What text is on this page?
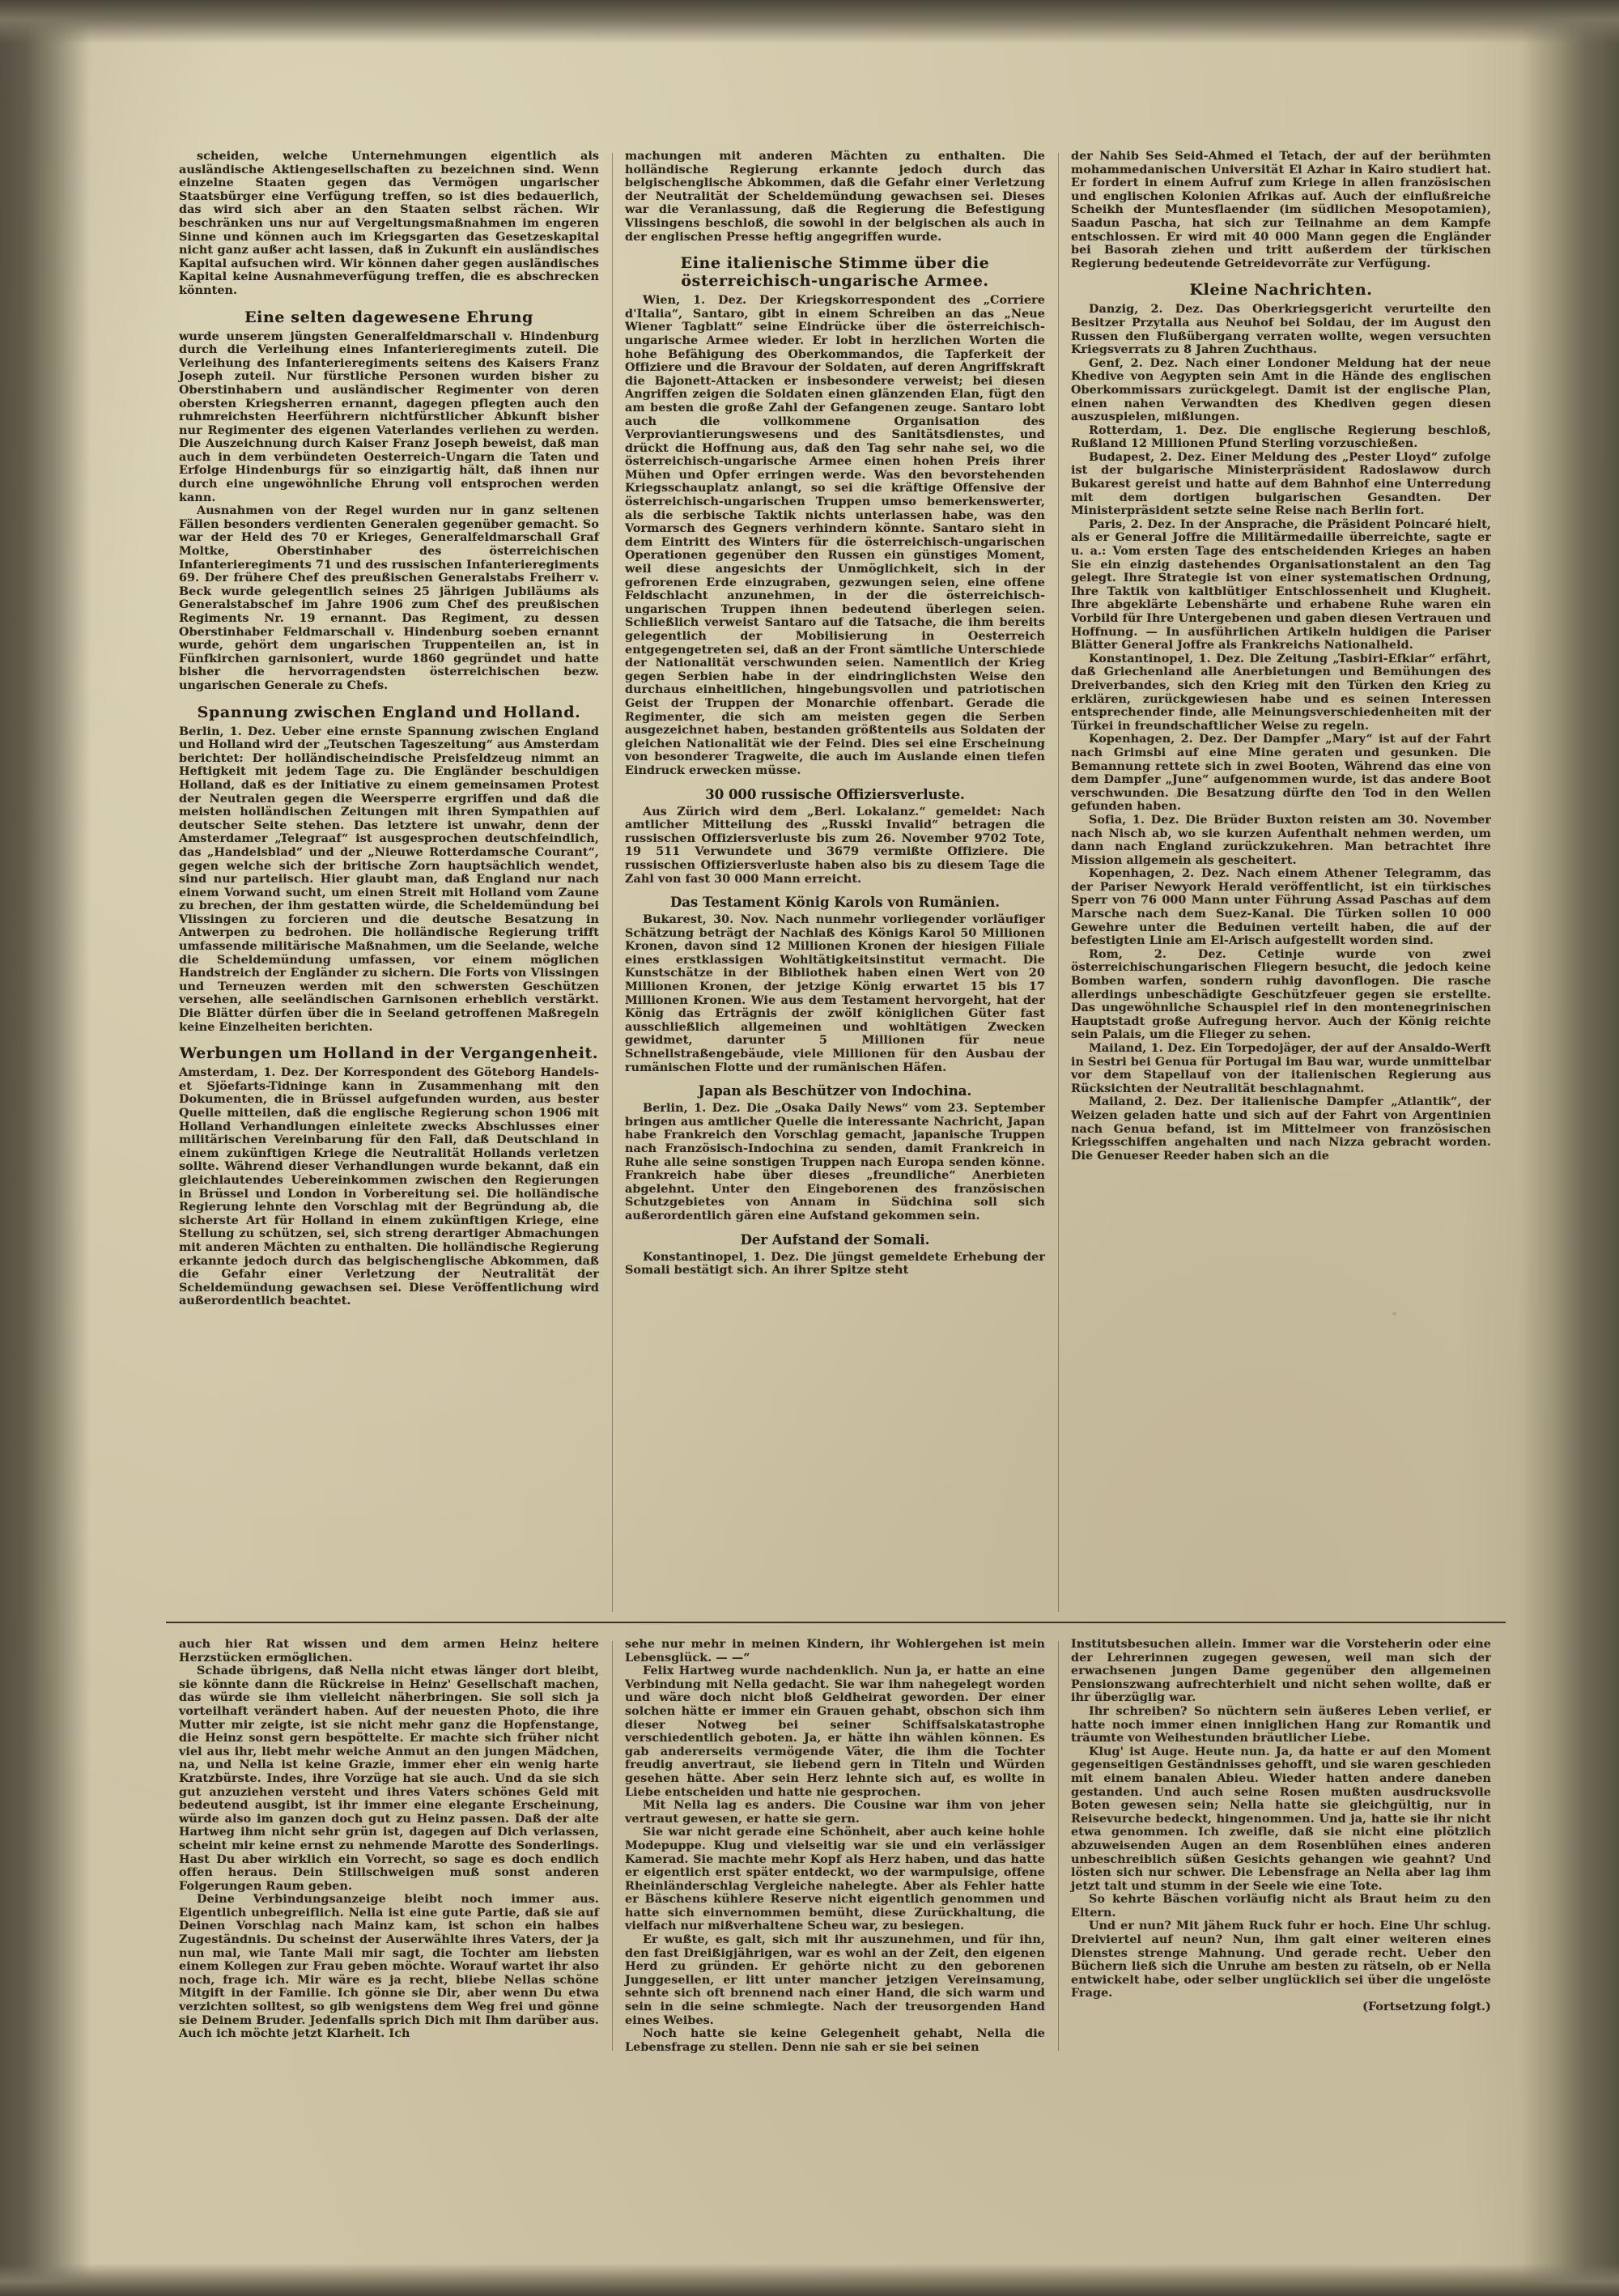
scheiden, welche Unternehmungen eigentlich als ausländische Aktiengesellschaften zu bezeichnen sind. Wenn einzelne Staaten gegen das Vermögen ungarischer Staatsbürger eine Verfügung treffen, so ist dies bedauerlich, das wird sich aber an den Staaten selbst rächen. Wir beschränken uns nur auf Vergeltungsmaßnahmen im engeren Sinne und können auch im Kriegsgarten das Gesetzeskapital nicht ganz außer acht lassen, daß in Zukunft ein ausländisches Kapital aufsuchen wird. Wir können daher gegen ausländisches Kapital keine Ausnahmeverfügung treffen, die es abschrecken könnten.

Eine selten dagewesene Ehrung

wurde unserem jüngsten Generalfeldmarschall v. Hindenburg durch die Verleihung eines Infanterieregiments zuteil. Die Verleihung des Infanterieregiments seitens des Kaisers Franz Joseph zuteil. Nur fürstliche Personen wurden bisher zu Oberstinhabern und ausländischer Regimenter von deren obersten Kriegsherren ernannt, dagegen pflegten auch den ruhmreichsten Heerführern nichtfürstlicher Abkunft bisher nur Regimenter des eigenen Vaterlandes verliehen zu werden. Die Auszeichnung durch Kaiser Franz Joseph beweist, daß man auch in dem verbündeten Oesterreich-Ungarn die Taten und Erfolge Hindenburgs für so einzigartig hält, daß ihnen nur durch eine ungewöhnliche Ehrung voll entsprochen werden kann.

Ausnahmen von der Regel wurden nur in ganz seltenen Fällen besonders verdienten Generalen gegenüber gemacht. So war der Held des 70 er Krieges, Generalfeldmarschall Graf Moltke, Oberstinhaber des österreichischen Infanterieregiments 71 und des russischen Infanterieregiments 69. Der frühere Chef des preußischen Generalstabs Freiherr v. Beck wurde gelegentlich seines 25 jährigen Jubiläums als Generalstabschef im Jahre 1906 zum Chef des preußischen Regiments Nr. 19 ernannt. Das Regiment, zu dessen Oberstinhaber Feldmarschall v. Hindenburg soeben ernannt wurde, gehört dem ungarischen Truppenteilen an, ist in Fünfkirchen garnisoniert, wurde 1860 gegründet und hatte bisher die hervorragendsten österreichischen bezw. ungarischen Generale zu Chefs.

Spannung zwischen England und Holland.

Berlin, 1. Dez. Ueber eine ernste Spannung zwischen England und Holland wird der „Teutschen Tageszeitung“ aus Amsterdam berichtet: Der holländischeindische Preisfeldzeug nimmt an Heftigkeit mit jedem Tage zu. Die Engländer beschuldigen Holland, daß es der Initiative zu einem gemeinsamen Protest der Neutralen gegen die Weersperre ergriffen und daß die meisten holländischen Zeitungen mit ihren Sympathien auf deutscher Seite stehen. Das letztere ist unwahr, denn der Amsterdamer „Telegraaf“ ist ausgesprochen deutschfeindlich, das „Handelsblad“ und der „Nieuwe Rotterdamsche Courant“, gegen welche sich der britische Zorn hauptsächlich wendet, sind nur parteiisch. Hier glaubt man, daß England nur nach einem Vorwand sucht, um einen Streit mit Holland vom Zaune zu brechen, der ihm gestatten würde, die Scheldemündung bei Vlissingen zu forcieren und die deutsche Besatzung in Antwerpen zu bedrohen. Die holländische Regierung trifft umfassende militärische Maßnahmen, um die Seelande, welche die Scheldemündung umfassen, vor einem möglichen Handstreich der Engländer zu sichern. Die Forts von Vlissingen und Terneuzen werden mit den schwersten Geschützen versehen, alle seeländischen Garnisonen erheblich verstärkt. Die Blätter dürfen über die in Seeland getroffenen Maßregeln keine Einzelheiten berichten.

Werbungen um Holland in der Vergangenheit.

Amsterdam, 1. Dez. Der Korrespondent des Göteborg Handels- et Sjöefarts-Tidninge kann in Zusammenhang mit den Dokumenten, die in Brüssel aufgefunden wurden, aus bester Quelle mitteilen, daß die englische Regierung schon 1906 mit Holland Verhandlungen einleitete zwecks Abschlusses einer militärischen Vereinbarung für den Fall, daß Deutschland in einem zukünftigen Kriege die Neutralität Hollands verletzen sollte. Während dieser Verhandlungen wurde bekannt, daß ein gleichlautendes Uebereinkommen zwischen den Regierungen in Brüssel und London in Vorbereitung sei. Die holländische Regierung lehnte den Vorschlag mit der Begründung ab, die sicherste Art für Holland in einem zukünftigen Kriege, eine Stellung zu schützen, sei, sich streng derartiger Abmachungen mit anderen Mächten zu enthalten. Die holländische Regierung erkannte jedoch durch das belgischenglische Abkommen, daß die Gefahr einer Verletzung der Neutralität der Scheldemündung gewachsen sei. Diese Veröffentlichung wird außerordentlich beachtet.

machungen mit anderen Mächten zu enthalten. Die holländische Regierung erkannte jedoch durch das belgischenglische Abkommen, daß die Gefahr einer Verletzung der Neutralität der Scheldemündung gewachsen sei. Dieses war die Veranlassung, daß die Regierung die Befestigung Vlissingens beschloß, die sowohl in der belgischen als auch in der englischen Presse heftig angegriffen wurde.

Eine italienische Stimme über die österreichisch-ungarische Armee.

Wien, 1. Dez. Der Kriegskorrespondent des „Corriere d'Italia“, Santaro, gibt in einem Schreiben an das „Neue Wiener Tagblatt“ seine Eindrücke über die österreichisch-ungarische Armee wieder. Er lobt in herzlichen Worten die hohe Befähigung des Oberkommandos, die Tapferkeit der Offiziere und die Bravour der Soldaten, auf deren Angriffskraft die Bajonett-Attacken er insbesondere verweist; bei diesen Angriffen zeigen die Soldaten einen glänzenden Elan, fügt den am besten die große Zahl der Gefangenen zeuge. Santaro lobt auch die vollkommene Organisation des Verproviantierungswesens und des Sanitätsdienstes, und drückt die Hoffnung aus, daß den Tag sehr nahe sei, wo die österreichisch-ungarische Armee einen hohen Preis ihrer Mühen und Opfer erringen werde. Was den bevorstehenden Kriegsschauplatz anlangt, so sei die kräftige Offensive der österreichisch-ungarischen Truppen umso bemerkenswerter, als die serbische Taktik nichts unterlassen habe, was den Vormarsch des Gegners verhindern könnte. Santaro sieht in dem Eintritt des Winters für die österreichisch-ungarischen Operationen gegenüber den Russen ein günstiges Moment, weil diese angesichts der Unmöglichkeit, sich in der gefrorenen Erde einzugraben, gezwungen seien, eine offene Feldschlacht anzunehmen, in der die österreichisch-ungarischen Truppen ihnen bedeutend überlegen seien. Schließlich verweist Santaro auf die Tatsache, die ihm bereits gelegentlich der Mobilisierung in Oesterreich entgegengetreten sei, daß an der Front sämtliche Unterschiede der Nationalität verschwunden seien. Namentlich der Krieg gegen Serbien habe in der eindringlichsten Weise den durchaus einheitlichen, hingebungsvollen und patriotischen Geist der Truppen der Monarchie offenbart. Gerade die Regimenter, die sich am meisten gegen die Serben ausgezeichnet haben, bestanden größtenteils aus Soldaten der gleichen Nationalität wie der Feind. Dies sei eine Erscheinung von besonderer Tragweite, die auch im Auslande einen tiefen Eindruck erwecken müsse.

30 000 russische Offiziersverluste.

Aus Zürich wird dem „Berl. Lokalanz.“ gemeldet: Nach amtlicher Mitteilung des „Russki Invalid“ betragen die russischen Offiziersverluste bis zum 26. November 9702 Tote, 19 511 Verwundete und 3679 vermißte Offiziere. Die russischen Offiziersverluste haben also bis zu diesem Tage die Zahl von fast 30 000 Mann erreicht.

Das Testament König Karols von Rumänien.

Bukarest, 30. Nov. Nach nunmehr vorliegender vorläufiger Schätzung beträgt der Nachlaß des Königs Karol 50 Millionen Kronen, davon sind 12 Millionen Kronen der hiesigen Filiale eines erstklassigen Wohltätigkeitsinstitut vermacht. Die Kunstschätze in der Bibliothek haben einen Wert von 20 Millionen Kronen, der jetzige König erwartet 15 bis 17 Millionen Kronen. Wie aus dem Testament hervorgeht, hat der König das Erträgnis der zwölf königlichen Güter fast ausschließlich allgemeinen und wohltätigen Zwecken gewidmet, darunter 5 Millionen für neue Schnellstraßengebäude, viele Millionen für den Ausbau der rumänischen Flotte und der rumänischen Häfen.

Japan als Beschützer von Indochina.

Berlin, 1. Dez. Die „Osaka Daily News“ vom 23. September bringen aus amtlicher Quelle die interessante Nachricht, Japan habe Frankreich den Vorschlag gemacht, japanische Truppen nach Französisch-Indochina zu senden, damit Frankreich in Ruhe alle seine sonstigen Truppen nach Europa senden könne. Frankreich habe über dieses „freundliche“ Anerbieten abgelehnt. Unter den Eingeborenen des französischen Schutzgebietes von Annam in Südchina soll sich außerordentlich gären eine Aufstand gekommen sein.

Der Aufstand der Somali.

Konstantinopel, 1. Dez. Die jüngst gemeldete Erhebung der Somali bestätigt sich. An ihrer Spitze steht

der Nahib Ses Seid-Ahmed el Tetach, der auf der berühmten mohammedanischen Universität El Azhar in Kairo studiert hat. Er fordert in einem Aufruf zum Kriege in allen französischen und englischen Kolonien Afrikas auf. Auch der einflußreiche Scheikh der Muntesflaender (im südlichen Mesopotamien), Saadun Pascha, hat sich zur Teilnahme an dem Kampfe entschlossen. Er wird mit 40 000 Mann gegen die Engländer bei Basorah ziehen und tritt außerdem der türkischen Regierung bedeutende Getreidevorräte zur Verfügung.

Kleine Nachrichten.

Danzig, 2. Dez. Das Oberkriegsgericht verurteilte den Besitzer Przytalla aus Neuhof bei Soldau, der im August den Russen den Flußübergang verraten wollte, wegen versuchten Kriegsverrats zu 8 Jahren Zuchthaus.

Genf, 2. Dez. Nach einer Londoner Meldung hat der neue Khedive von Aegypten sein Amt in die Hände des englischen Oberkommissars zurückgelegt. Damit ist der englische Plan, einen nahen Verwandten des Khediven gegen diesen auszuspielen, mißlungen.

Rotterdam, 1. Dez. Die englische Regierung beschloß, Rußland 12 Millionen Pfund Sterling vorzuschießen.

Budapest, 2. Dez. Einer Meldung des „Pester Lloyd“ zufolge ist der bulgarische Ministerpräsident Radoslawow durch Bukarest gereist und hatte auf dem Bahnhof eine Unterredung mit dem dortigen bulgarischen Gesandten. Der Ministerpräsident setzte seine Reise nach Berlin fort.

Paris, 2. Dez. In der Ansprache, die Präsident Poincaré hielt, als er General Joffre die Militärmedaille überreichte, sagte er u. a.: Vom ersten Tage des entscheidenden Krieges an haben Sie ein einzig dastehendes Organisationstalent an den Tag gelegt. Ihre Strategie ist von einer systematischen Ordnung, Ihre Taktik von kaltblütiger Entschlossenheit und Klugheit. Ihre abgeklärte Lebenshärte und erhabene Ruhe waren ein Vorbild für Ihre Untergebenen und gaben diesen Vertrauen und Hoffnung. — In ausführlichen Artikeln huldigen die Pariser Blätter General Joffre als Frankreichs Nationalheld.

Konstantinopel, 1. Dez. Die Zeitung „Tasbiri-Efkiar“ erfährt, daß Griechenland alle Anerbietungen und Bemühungen des Dreiverbandes, sich den Krieg mit den Türken den Krieg zu erklären, zurückgewiesen habe und es seinen Interessen entsprechender finde, alle Meinungsverschiedenheiten mit der Türkei in freundschaftlicher Weise zu regeln.

Kopenhagen, 2. Dez. Der Dampfer „Mary“ ist auf der Fahrt nach Grimsbi auf eine Mine geraten und gesunken. Die Bemannung rettete sich in zwei Booten, Während das eine von dem Dampfer „June“ aufgenommen wurde, ist das andere Boot verschwunden. Die Besatzung dürfte den Tod in den Wellen gefunden haben.

Sofia, 1. Dez. Die Brüder Buxton reisten am 30. November nach Nisch ab, wo sie kurzen Aufenthalt nehmen werden, um dann nach England zurückzukehren. Man betrachtet ihre Mission allgemein als gescheitert.

Kopenhagen, 2. Dez. Nach einem Athener Telegramm, das der Pariser Newyork Herald veröffentlicht, ist ein türkisches Sperr von 76 000 Mann unter Führung Assad Paschas auf dem Marsche nach dem Suez-Kanal. Die Türken sollen 10 000 Gewehre unter die Beduinen verteilt haben, die auf der befestigten Linie am El-Arisch aufgestellt worden sind.

Rom, 2. Dez. Cetinje wurde von zwei österreichischungarischen Fliegern besucht, die jedoch keine Bomben warfen, sondern ruhig davonflogen. Die rasche allerdings unbeschädigte Geschützfeuer gegen sie erstellte. Das ungewöhnliche Schauspiel rief in den montenegrinischen Hauptstadt große Aufregung hervor. Auch der König reichte sein Palais, um die Flieger zu sehen.

Mailand, 1. Dez. Ein Torpedojäger, der auf der Ansaldo-Werft in Sestri bei Genua für Portugal im Bau war, wurde unmittelbar vor dem Stapellauf von der italienischen Regierung aus Rücksichten der Neutralität beschlagnahmt.

Mailand, 2. Dez. Der italienische Dampfer „Atlantik“, der Weizen geladen hatte und sich auf der Fahrt von Argentinien nach Genua befand, ist im Mittelmeer von französischen Kriegsschiffen angehalten und nach Nizza gebracht worden. Die Genueser Reeder haben sich an die

auch hier Rat wissen und dem armen Heinz heitere Herzstücken ermöglichen.

Schade übrigens, daß Nella nicht etwas länger dort bleibt, sie könnte dann die Rückreise in Heinz' Gesellschaft machen, das würde sie ihm vielleicht näherbringen. Sie soll sich ja vorteilhaft verändert haben. Auf der neuesten Photo, die ihre Mutter mir zeigte, ist sie nicht mehr ganz die Hopfenstange, die Heinz sonst gern bespöttelte. Er machte sich früher nicht viel aus ihr, liebt mehr weiche Anmut an den jungen Mädchen, na, und Nella ist keine Grazie, immer eher ein wenig harte Kratzbürste. Indes, ihre Vorzüge hat sie auch. Und da sie sich gut anzuziehen versteht und ihres Vaters schönes Geld mit bedeutend ausgibt, ist ihr immer eine elegante Erscheinung, würde also im ganzen doch gut zu Heinz passen. Daß der alte Hartweg ihm nicht sehr grün ist, dagegen auf Dich verlassen, scheint mir keine ernst zu nehmende Marotte des Sonderlings. Hast Du aber wirklich ein Vorrecht, so sage es doch endlich offen heraus. Dein Stillschweigen muß sonst anderen Folgerungen Raum geben.

Deine Verbindungsanzeige bleibt noch immer aus. Eigentlich unbegreiflich. Nella ist eine gute Partie, daß sie auf Deinen Vorschlag nach Mainz kam, ist schon ein halbes Zugeständnis. Du scheinst der Auserwählte ihres Vaters, der ja nun mal, wie Tante Mali mir sagt, die Tochter am liebsten einem Kollegen zur Frau geben möchte. Worauf wartet ihr also noch, frage ich. Mir wäre es ja recht, bliebe Nellas schöne Mitgift in der Familie. Ich gönne sie Dir, aber wenn Du etwa verzichten solltest, so gib wenigstens dem Weg frei und gönne sie Deinem Bruder. Jedenfalls sprich Dich mit Ihm darüber aus. Auch ich möchte jetzt Klarheit. Ich

sehe nur mehr in meinen Kindern, ihr Wohlergehen ist mein Lebensglück. — —“

Felix Hartweg wurde nachdenklich. Nun ja, er hatte an eine Verbindung mit Nella gedacht. Sie war ihm nahegelegt worden und wäre doch nicht bloß Geldheirat geworden. Der einer solchen hätte er immer ein Grauen gehabt, obschon sich ihm dieser Notweg bei seiner Schiffsalskatastrophe verschiedentlich geboten. Ja, er hätte ihn wählen können. Es gab andererseits vermögende Väter, die ihm die Tochter freudig anvertraut, sie liebend gern in Titeln und Würden gesehen hätte. Aber sein Herz lehnte sich auf, es wollte in Liebe entscheiden und hatte nie gesprochen.

Mit Nella lag es anders. Die Cousine war ihm von jeher vertraut gewesen, er hatte sie gern.

Sie war nicht gerade eine Schönheit, aber auch keine hohle Modepuppe. Klug und vielseitig war sie und ein verlässiger Kamerad. Sie machte mehr Kopf als Herz haben, und das hatte er eigentlich erst später entdeckt, wo der warmpulsige, offene Rheinländerschlag Vergleiche nahelegte. Aber als Fehler hatte er Bäschens kühlere Reserve nicht eigentlich genommen und hatte sich einvernommen bemüht, diese Zurückhaltung, die vielfach nur mißverhaltene Scheu war, zu besiegen.

Er wußte, es galt, sich mit ihr auszunehmen, und für ihn, den fast Dreißigjährigen, war es wohl an der Zeit, den eigenen Herd zu gründen. Er gehörte nicht zu den geborenen Junggesellen, er litt unter mancher jetzigen Vereinsamung, sehnte sich oft brennend nach einer Hand, die sich warm und sein in die seine schmiegte. Nach der treusorgenden Hand eines Weibes.

Noch hatte sie keine Gelegenheit gehabt, Nella die Lebensfrage zu stellen. Denn nie sah er sie bei seinen

Institutsbesuchen allein. Immer war die Vorsteherin oder eine der Lehrerinnen zugegen gewesen, weil man sich der erwachsenen jungen Dame gegenüber den allgemeinen Pensionszwang aufrechterhielt und nicht sehen wollte, daß er ihr überzüglig war.

Ihr schreiben? So nüchtern sein äußeres Leben verlief, er hatte noch immer einen inniglichen Hang zur Romantik und träumte von Weihestunden bräutlicher Liebe.

Klug' ist Auge. Heute nun. Ja, da hatte er auf den Moment gegenseitigen Geständnisses gehofft, und sie waren geschieden mit einem banalen Abieu. Wieder hatten andere daneben gestanden. Und auch seine Rosen mußten ausdrucksvolle Boten gewesen sein; Nella hatte sie gleichgültig, nur in Reisevurche bedeckt, hingenommen. Und ja, hatte sie ihr nicht etwa genommen. Ich zweifle, daß sie nicht eine plötzlich abzuweisenden Augen an dem Rosenblühen eines anderen unbeschreiblich süßen Gesichts gehangen wie geahnt? Und lösten sich nur schwer. Die Lebensfrage an Nella aber lag ihm jetzt talt und stumm in der Seele wie eine Tote.

So kehrte Bäschen vorläufig nicht als Braut heim zu den Eltern.

Und er nun? Mit jähem Ruck fuhr er hoch. Eine Uhr schlug. Dreiviertel auf neun? Nun, ihm galt einer weiteren eines Dienstes strenge Mahnung. Und gerade recht. Ueber den Büchern ließ sich die Unruhe am besten zu rätseln, ob er Nella entwickelt habe, oder selber unglücklich sei über die ungelöste Frage.

(Fortsetzung folgt.)
